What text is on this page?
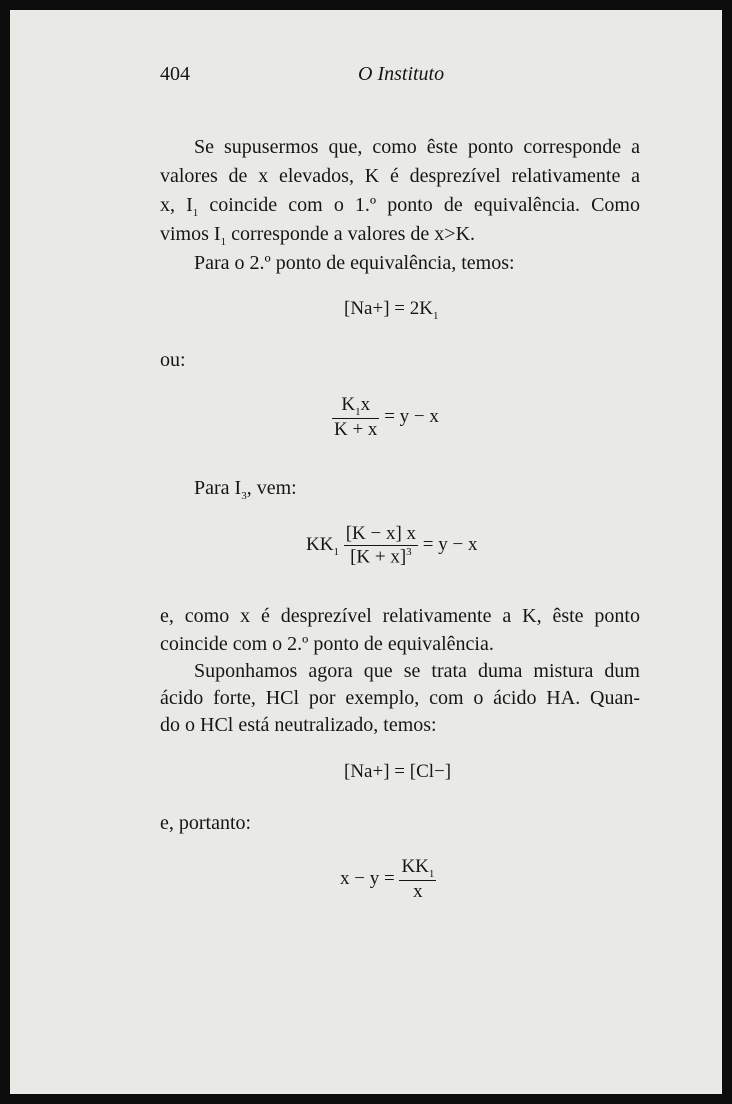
404	O Instituto
Se supusermos que, como êste ponto corresponde a
valores de x elevados, K é desprezível relativamente a
x, $I_1$ coincide com o 1.º ponto de equivalência. Como
vimos $I_1$ corresponde a valores de x>K.
Para o 2.º ponto de equivalência, temos:
$[Na+] = 2K_1$
ou:
$\frac{K_1x}{K + x} = y - x$
Para $I_3$, vem:
$KK_1 \frac{[K - x] x}{[K + x]^3} = y - x$
e, como x é desprezível relativamente a K, êste ponto
coincide com o 2.º ponto de equivalência.
Suponhamos agora que se trata duma mistura dum
ácido forte, HCl por exemplo, com o ácido HA. Quan-
do o HCl está neutralizado, temos:
[Na+] = [Cl−]
e, portanto:
$x - y = \frac{KK_1}{x}$
